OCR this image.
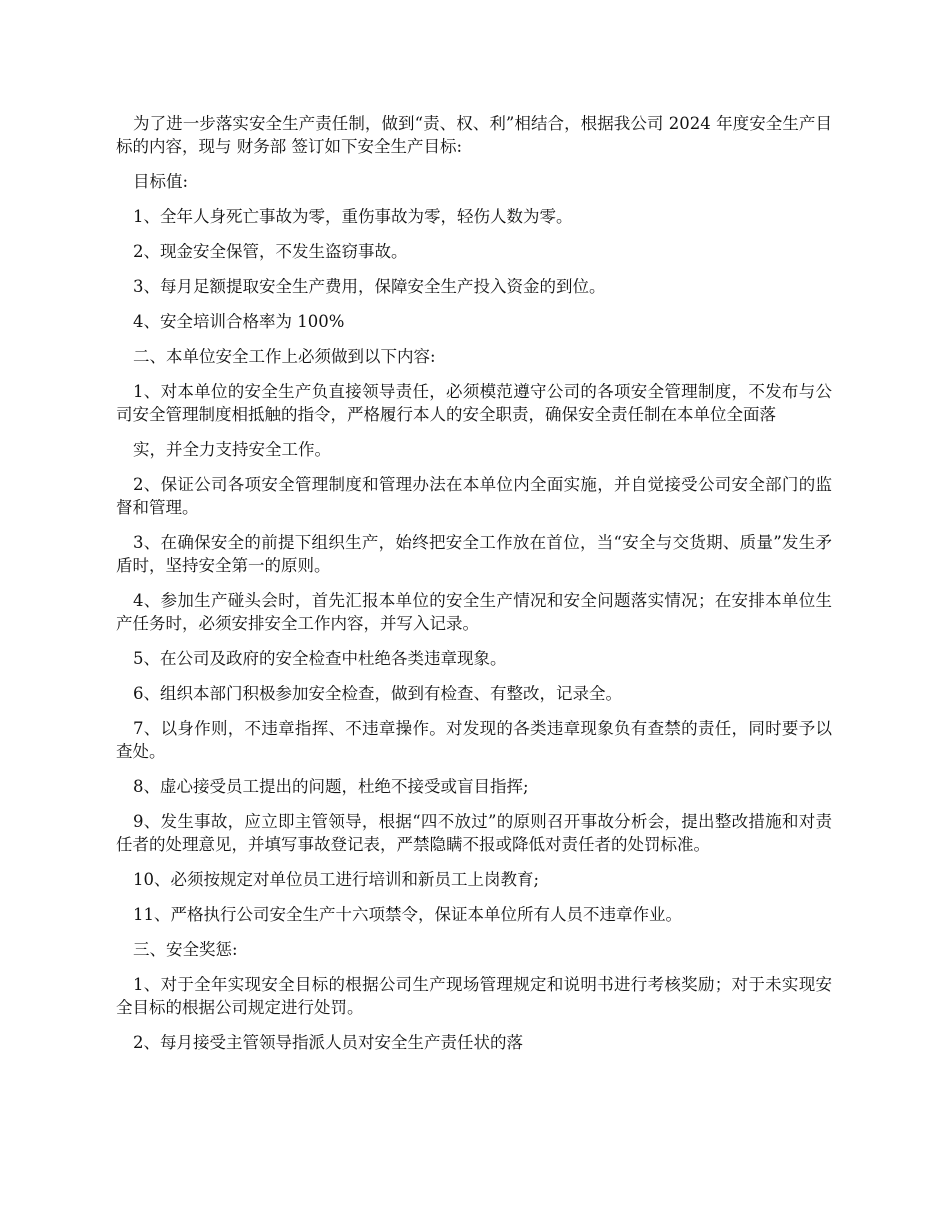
为了进一步落实安全生产责任制，做到“责、权、利”相结合，根据我公司 2024 年度安全生产目标的内容，现与 财务部 签订如下安全生产目标:

目标值:

1、全年人身死亡事故为零，重伤事故为零，轻伤人数为零。

2、现金安全保管，不发生盗窃事故。

3、每月足额提取安全生产费用，保障安全生产投入资金的到位。

4、安全培训合格率为 100%

二、本单位安全工作上必须做到以下内容:

1、对本单位的安全生产负直接领导责任，必须模范遵守公司的各项安全管理制度，不发布与公司安全管理制度相抵触的指令，严格履行本人的安全职责，确保安全责任制在本单位全面落

实，并全力支持安全工作。

2、保证公司各项安全管理制度和管理办法在本单位内全面实施，并自觉接受公司安全部门的监督和管理。

3、在确保安全的前提下组织生产，始终把安全工作放在首位，当“安全与交货期、质量”发生矛盾时，坚持安全第一的原则。

4、参加生产碰头会时，首先汇报本单位的安全生产情况和安全问题落实情况；在安排本单位生产任务时，必须安排安全工作内容，并写入记录。

5、在公司及政府的安全检查中杜绝各类违章现象。

6、组织本部门积极参加安全检查，做到有检查、有整改，记录全。

7、以身作则，不违章指挥、不违章操作。对发现的各类违章现象负有查禁的责任，同时要予以查处。

8、虚心接受员工提出的问题，杜绝不接受或盲目指挥;

9、发生事故，应立即主管领导，根据“四不放过”的原则召开事故分析会，提出整改措施和对责任者的处理意见，并填写事故登记表，严禁隐瞒不报或降低对责任者的处罚标准。

10、必须按规定对单位员工进行培训和新员工上岗教育;

11、严格执行公司安全生产十六项禁令，保证本单位所有人员不违章作业。

三、安全奖惩:

1、对于全年实现安全目标的根据公司生产现场管理规定和说明书进行考核奖励；对于未实现安全目标的根据公司规定进行处罚。

2、每月接受主管领导指派人员对安全生产责任状的落
